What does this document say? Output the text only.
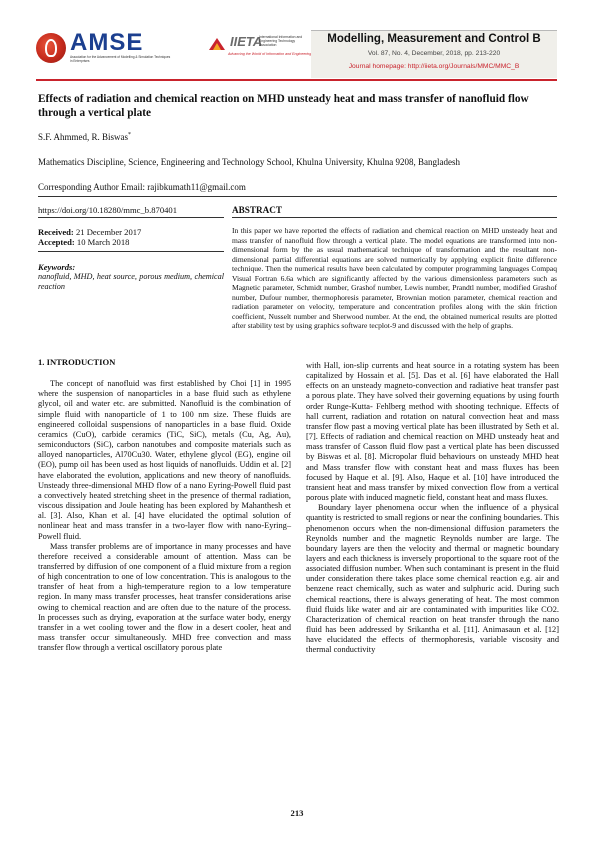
AMSE
Association for the Advancement of Modelling & Simulation Techniques in Enterprises
IIETA
International Information and Engineering Technology Association
Advancing the World of Information and Engineering
Modelling, Measurement and Control B
Vol. 87, No. 4, December, 2018, pp. 213-220
Journal homepage: http://iieta.org/Journals/MMC/MMC_B
Effects of radiation and chemical reaction on MHD unsteady heat and mass transfer of nanofluid flow through a vertical plate
S.F. Ahmmed, R. Biswas*
Mathematics Discipline, Science, Engineering and Technology School, Khulna University, Khulna 9208, Bangladesh
Corresponding Author Email: rajibkumath11@gmail.com
https://doi.org/10.18280/mmc_b.870401
Received: 21 December 2017
Accepted: 10 March 2018
Keywords:
nanofluid, MHD, heat source, porous medium, chemical reaction
ABSTRACT
In this paper we have reported the effects of radiation and chemical reaction on MHD unsteady heat and mass transfer of nanofluid flow through a vertical plate. The model equations are transformed into non-dimensional form by the as usual mathematical technique of transformation and the resultant non-dimensional partial differential equations are solved numerically by applying explicit finite difference technique. Then the numerical results have been calculated by computer programming languages Compaq Visual Fortran 6.6a which are significantly affected by the various dimensionless parameters such as Magnetic parameter, Schmidt number, Grashof number, Lewis number, Prandtl number, modified Grashof number, Dufour number, thermophoresis parameter, Brownian motion parameter, chemical reaction and radiation parameter on velocity, temperature and concentration profiles along with the skin friction coefficient, Nusselt number and Sherwood number. At the end, the obtained numerical results are plotted after stability test by using graphics software tecplot-9 and discussed with the help of graphs.
1. INTRODUCTION

The concept of nanofluid was first established by Choi [1] in 1995 where the suspension of nanoparticles in a base fluid such as ethylene glycol, oil and water etc. are submitted. Nanofluid is the combination of simple fluid with nanoparticle of 1 to 100 nm size. These fluids are engineered colloidal suspensions of nanoparticles in a base fluid. Oxide ceramics (CuO), carbide ceramics (TiC, SiC), metals (Cu, Ag, Au), semiconductors (SiC), carbon nanotubes and composite materials such as alloyed nanoparticles, Al70Cu30. Water, ethylene glycol (EG), engine oil (EO), pump oil has been used as host liquids of nanofluids. Uddin et al. [2] have elaborated the evolution, applications and new theory of nanofluids. Unsteady three-dimensional MHD flow of a nano Eyring-Powell fluid past a convectively heated stretching sheet in the presence of thermal radiation, viscous dissipation and Joule heating has been explored by Mahanthesh et al. [3]. Also, Khan et al. [4] have elucidated the optimal solution of nonlinear heat and mass transfer in a two-layer flow with nano-Eyring–Powell fluid.

Mass transfer problems are of importance in many processes and have therefore received a considerable amount of attention. Mass can be transferred by diffusion of one component of a fluid mixture from a region of high concentration to one of low concentration. This is analogous to the transfer of heat from a high-temperature region to a low temperature region. In many mass transfer processes, heat transfer considerations arise owing to chemical reaction and are often due to the nature of the process. In processes such as drying, evaporation at the surface water body, energy transfer in a wet cooling tower and the flow in a desert cooler, heat and mass transfer occur simultaneously. MHD free convection and mass transfer flow through a vertical oscillatory porous plate

with Hall, ion-slip currents and heat source in a rotating system has been capitalized by Hossain et al. [5]. Das et al. [6] have elaborated the Hall effects on an unsteady magneto-convection and radiative heat transfer past a porous plate. They have solved their governing equations by using fourth order Runge-Kutta- Fehlberg method with shooting technique. Effects of hall current, radiation and rotation on natural convection heat and mass transfer flow past a moving vertical plate has been illustrated by Seth et al. [7]. Effects of radiation and chemical reaction on MHD unsteady heat and mass transfer of Casson fluid flow past a vertical plate has been discussed by Biswas et al. [8]. Micropolar fluid behaviours on unsteady MHD heat and Mass transfer flow with constant heat and mass fluxes has been focused by Haque et al. [9]. Also, Haque et al. [10] have introduced the transient heat and mass transfer by mixed convection flow from a vertical porous plate with induced magnetic field, constant heat and mass fluxes.

Boundary layer phenomena occur when the influence of a physical quantity is restricted to small regions or near the confining boundaries. This phenomenon occurs when the non-dimensional diffusion parameters the Reynolds number and the magnetic Reynolds number are large. The boundary layers are then the velocity and thermal or magnetic boundary layers and each thickness is inversely proportional to the square root of the associated diffusion number. When such contaminant is present in the fluid under consideration there takes place some chemical reaction e.g. air and benzene react chemically, such as water and sulphuric acid. During such chemical reactions, there is always generating of heat. The most common fluid fluids like water and air are contaminated with impurities like CO2. Characterization of chemical reaction on heat transfer through the nano fluid has been addressed by Srikantha et al. [11]. Animasaun et al. [12] have elucidated the effects of thermophoresis, variable viscosity and thermal conductivity

213
